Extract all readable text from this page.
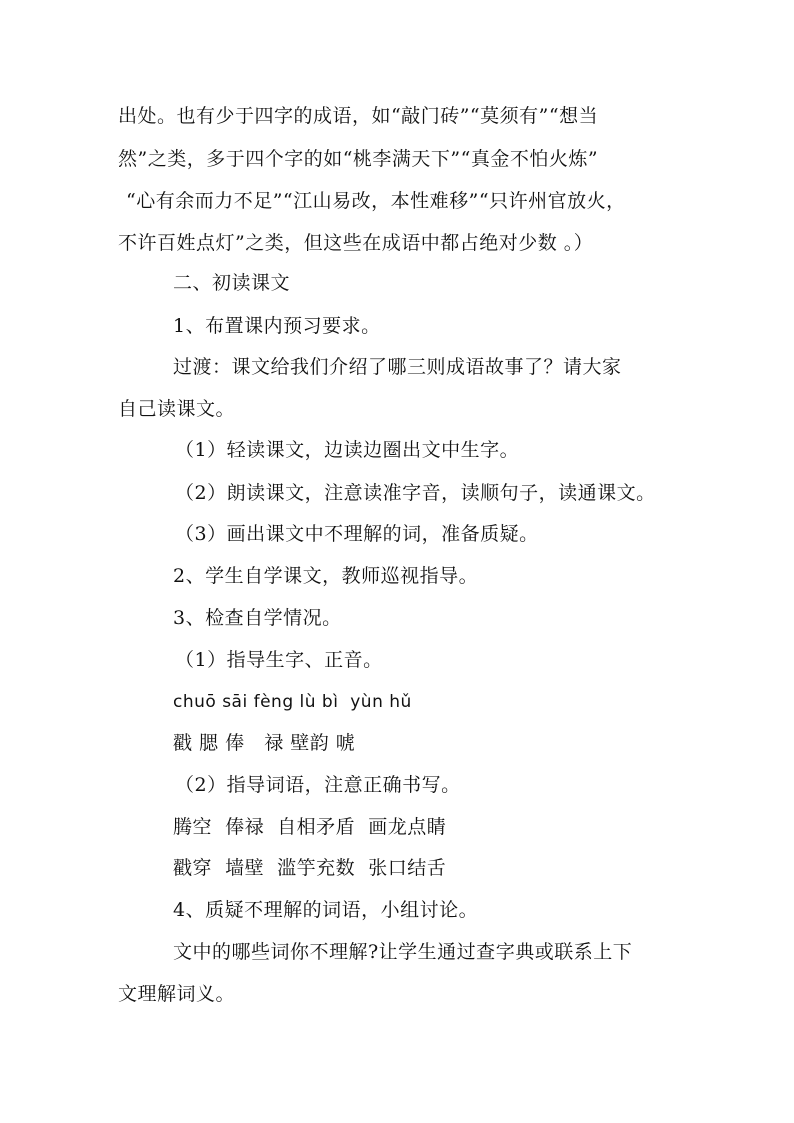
出处。也有少于四字的成语，如“敲门砖”“莫须有”“想当
然”之类，多于四个字的如“桃李满天下”“真金不怕火炼”
“心有余而力不足”“江山易改，本性难移”“只许州官放火，
不许百姓点灯”之类，但这些在成语中都占绝对少数 。）
二、初读课文
1、布置课内预习要求。
过渡：课文给我们介绍了哪三则成语故事了？请大家
自己读课文。
（1）轻读课文，边读边圈出文中生字。
（2）朗读课文，注意读准字音，读顺句子，读通课文。
（3）画出课文中不理解的词，准备质疑。
2、学生自学课文，教师巡视指导。
3、检查自学情况。
（1）指导生字、正音。
chuō sāi fèng lù bì  yùn hǔ
戳 腮 俸   禄 壁韵 唬
（2）指导词语，注意正确书写。
腾空  俸禄  自相矛盾  画龙点睛
戳穿  墙壁  滥竽充数  张口结舌
4、质疑不理解的词语，小组讨论。
文中的哪些词你不理解?让学生通过查字典或联系上下
文理解词义。
